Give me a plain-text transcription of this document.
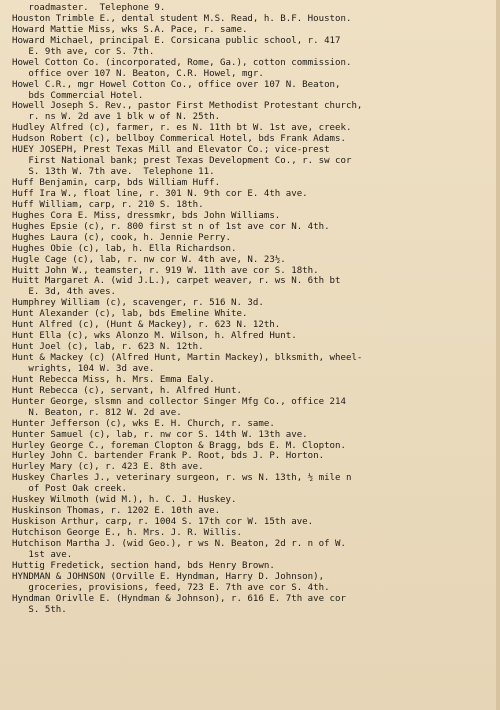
roadmaster.  Telephone 9.
Houston Trimble E., dental student M.S. Read, h. B.F. Houston.
Howard Mattie Miss, wks S.A. Pace, r. same.
Howard Michael, principal E. Corsicana public school, r. 417
E. 9th ave, cor S. 7th.
Howel Cotton Co. (incorporated, Rome, Ga.), cotton commission.
office over 107 N. Beaton, C.R. Howel, mgr.
Howel C.R., mgr Howel Cotton Co., office over 107 N. Beaton,
bds Commercial Hotel.
Howell Joseph S. Rev., pastor First Methodist Protestant church,
r. ns W. 2d ave 1 blk w of N. 25th.
Hudley Alfred (c), farmer, r. es N. 11th bt W. 1st ave, creek.
Hudson Robert (c), bellboy Commerical Hotel, bds Frank Adams.
HUEY JOSEPH, Prest Texas Mill and Elevator Co.; vice-prest
First National bank; prest Texas Development Co., r. sw cor
S. 13th W. 7th ave.  Telephone 11.
Huff Benjamin, carp, bds William Huff.
Huff Ira W., float line, r. 301 N. 9th cor E. 4th ave.
Huff William, carp, r. 210 S. 18th.
Hughes Cora E. Miss, dressmkr, bds John Williams.
Hughes Epsie (c), r. 800 first st n of 1st ave cor N. 4th.
Hughes Laura (c), cook, h. Jennie Perry.
Hughes Obie (c), lab, h. Ella Richardson.
Hugle Cage (c), lab, r. nw cor W. 4th ave, N. 23½.
Huitt John W., teamster, r. 919 W. 11th ave cor S. 18th.
Huitt Margaret A. (wid J.L.), carpet weaver, r. ws N. 6th bt
E. 3d, 4th aves.
Humphrey William (c), scavenger, r. 516 N. 3d.
Hunt Alexander (c), lab, bds Emeline White.
Hunt Alfred (c), (Hunt & Mackey), r. 623 N. 12th.
Hunt Ella (c), wks Alonzo M. Wilson, h. Alfred Hunt.
Hunt Joel (c), lab, r. 623 N. 12th.
Hunt & Mackey (c) (Alfred Hunt, Martin Mackey), blksmith, wheel-
wrights, 104 W. 3d ave.
Hunt Rebecca Miss, h. Mrs. Emma Ealy.
Hunt Rebecca (c), servant, h. Alfred Hunt.
Hunter George, slsmn and collector Singer Mfg Co., office 214
N. Beaton, r. 812 W. 2d ave.
Hunter Jefferson (c), wks E. H. Church, r. same.
Hunter Samuel (c), lab, r. nw cor S. 14th W. 13th ave.
Hurley George C., foreman Clopton & Bragg, bds E. M. Clopton.
Hurley John C. bartender Frank P. Root, bds J. P. Horton.
Hurley Mary (c), r. 423 E. 8th ave.
Huskey Charles J., veterinary surgeon, r. ws N. 13th, ½ mile n
of Post Oak creek.
Huskey Wilmoth (wid M.), h. C. J. Huskey.
Huskinson Thomas, r. 1202 E. 10th ave.
Huskison Arthur, carp, r. 1004 S. 17th cor W. 15th ave.
Hutchison George E., h. Mrs. J. R. Willis.
Hutchison Martha J. (wid Geo.), r ws N. Beaton, 2d r. n of W.
1st ave.
Huttig Fredetick, section hand, bds Henry Brown.
HYNDMAN & JOHNSON (Orville E. Hyndman, Harry D. Johnson),
groceries, provisions, feed, 723 E. 7th ave cor S. 4th.
Hyndman Orivlle E. (Hyndman & Johnson), r. 616 E. 7th ave cor
S. 5th.
